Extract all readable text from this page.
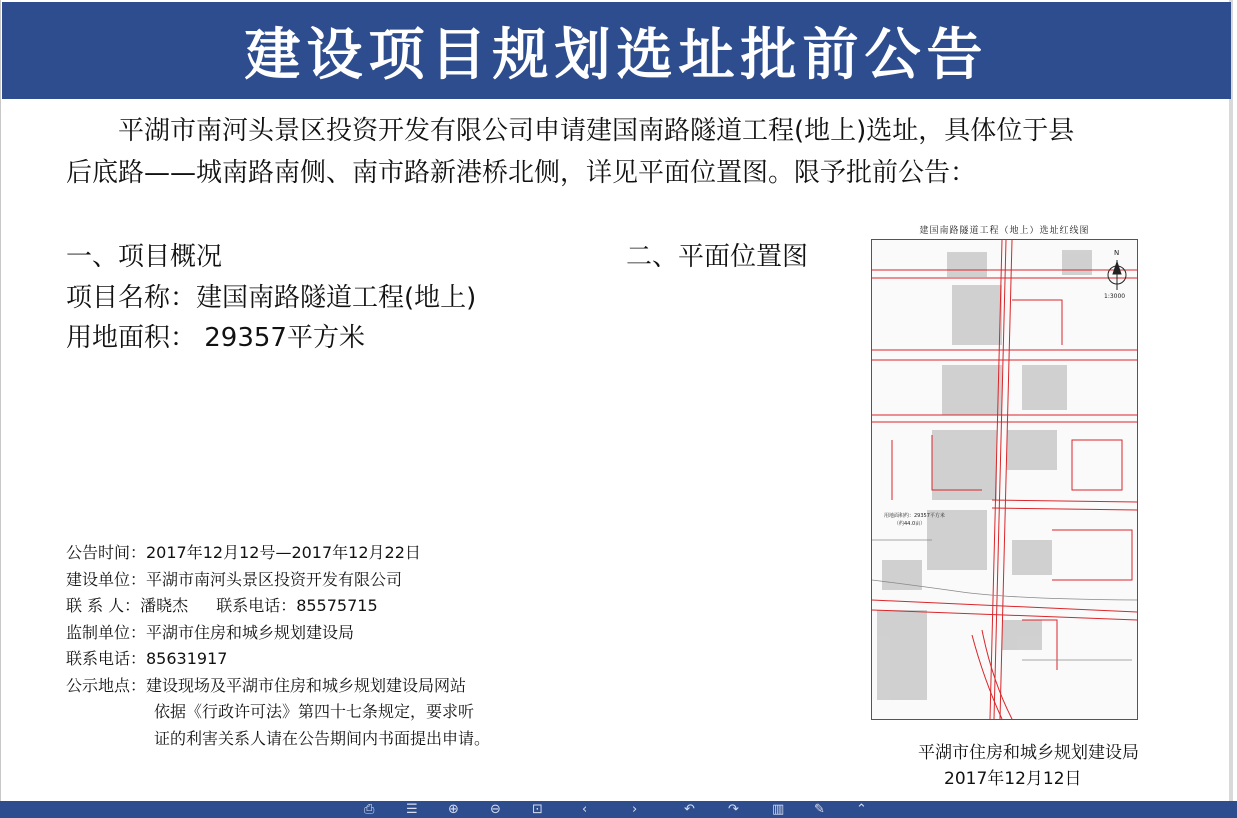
建设项目规划选址批前公告

平湖市南河头景区投资开发有限公司申请建国南路隧道工程(地上)选址，具体位于县

后底路——城南路南侧、南市路新港桥北侧，详见平面位置图。限予批前公告：
一、项目概况
项目名称：建国南路隧道工程(地上)
用地面积： 29357平方米
二、平面位置图
建国南路隧道工程（地上）选址红线图
N
1:3000
用地面积约：29357平方米
（约44.0亩）
公告时间：2017年12月12号—2017年12月22日
建设单位：平湖市南河头景区投资开发有限公司
联 系 人：潘晓杰 联系电话：85575715
监制单位：平湖市住房和城乡规划建设局
联系电话：85631917
公示地点：建设现场及平湖市住房和城乡规划建设局网站
依据《行政许可法》第四十七条规定，要求听
证的利害关系人请在公告期间内书面提出申请。
平湖市住房和城乡规划建设局
2017年12月12日
⎙ ☰ ⊕ ⊖ ⊡	‹	›	↶	↷	▥ ✎ ⌃
